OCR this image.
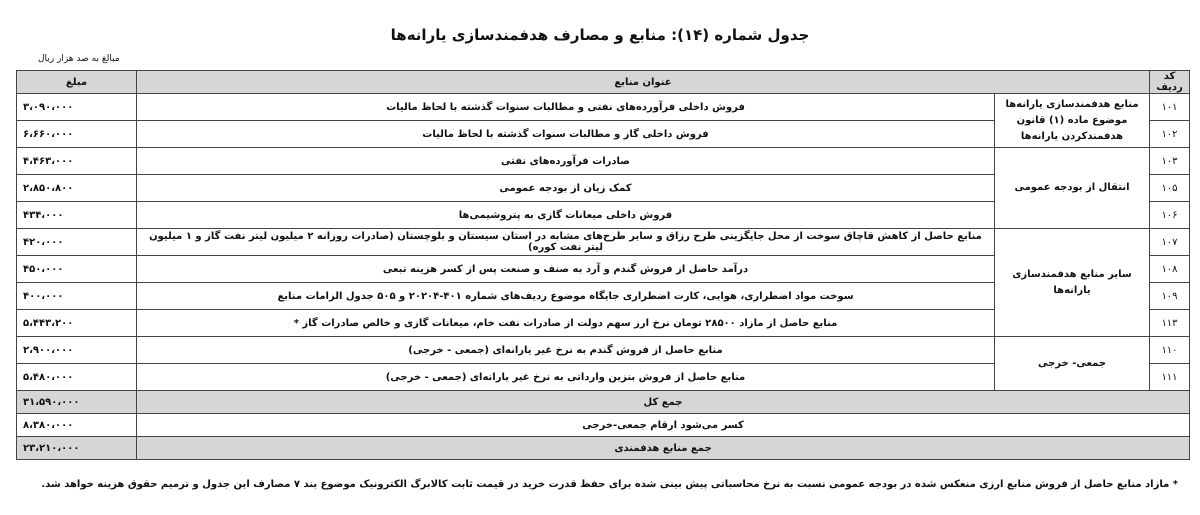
جدول شماره (۱۴): منابع و مصارف هدفمندسازی یارانه‌ها
مبالغ به صد هزار ریال
کد ردیف	عنوان منابع		مبلغ
۱۰۱	منابع هدفمندسازی یارانه‌ها موضوع ماده (۱) قانون هدفمندکردن یارانه‌ها	فروش داخلی فرآورده‌های نفتی و مطالبات سنوات گذشته با لحاظ مالیات	۳،۰۹۰،۰۰۰
۱۰۲		فروش داخلی گاز و مطالبات سنوات گذشته با لحاظ مالیات	۶،۶۶۰،۰۰۰
۱۰۳	انتقال از بودجه عمومی	صادرات فرآورده‌های نفتی	۴،۴۶۳،۰۰۰
۱۰۵		کمک زیان از بودجه عمومی	۲،۸۵۰،۸۰۰
۱۰۶		فروش داخلی میعانات گازی به پتروشیمی‌ها	۴۳۴،۰۰۰
۱۰۷	سایر منابع هدفمندسازی یارانه‌ها	منابع حاصل از کاهش قاچاق سوخت از محل جایگزینی طرح رزاق و سایر طرح‌های مشابه در استان سیستان و بلوچستان (صادرات روزانه ۲ میلیون لیتر نفت گاز و ۱ میلیون لیتر نفت کوره)	۴۲۰،۰۰۰
۱۰۸		درآمد حاصل از فروش گندم و آرد به صنف و صنعت پس از کسر هزینه تبعی	۴۵۰،۰۰۰
۱۰۹		سوخت مواد اضطراری، هوایی، کارت اضطراری جایگاه موضوع ردیف‌های شماره ۴۰۱-۲۰۲۰۴ و ۵۰۵ جدول الزامات منابع	۴۰۰،۰۰۰
۱۱۳		منابع حاصل از مازاد ۲۸۵۰۰ تومان نرخ ارز سهم دولت از صادرات نفت خام، میعانات گازی و خالص صادرات گاز *	۵،۴۴۳،۲۰۰
۱۱۰	جمعی- خرجی	منابع حاصل از فروش گندم به نرخ غیر یارانه‌ای (جمعی - خرجی)	۲،۹۰۰،۰۰۰
۱۱۱		منابع حاصل از فروش بنزین وارداتی به نرخ غیر یارانه‌ای (جمعی - خرجی)	۵،۴۸۰،۰۰۰
جمع کل			۳۱،۵۹۰،۰۰۰
کسر می‌شود ارقام جمعی-خرجی			۸،۳۸۰،۰۰۰
جمع منابع هدفمندی			۲۳،۲۱۰،۰۰۰
* مازاد منابع حاصل از فروش منابع ارزی منعکس شده در بودجه عمومی نسبت به نرخ محاسباتی پیش بینی شده برای حفظ قدرت خرید در قیمت ثابت کالابرگ الکترونیک موضوع بند ۷ مصارف این جدول و ترمیم حقوق هزینه خواهد شد.
